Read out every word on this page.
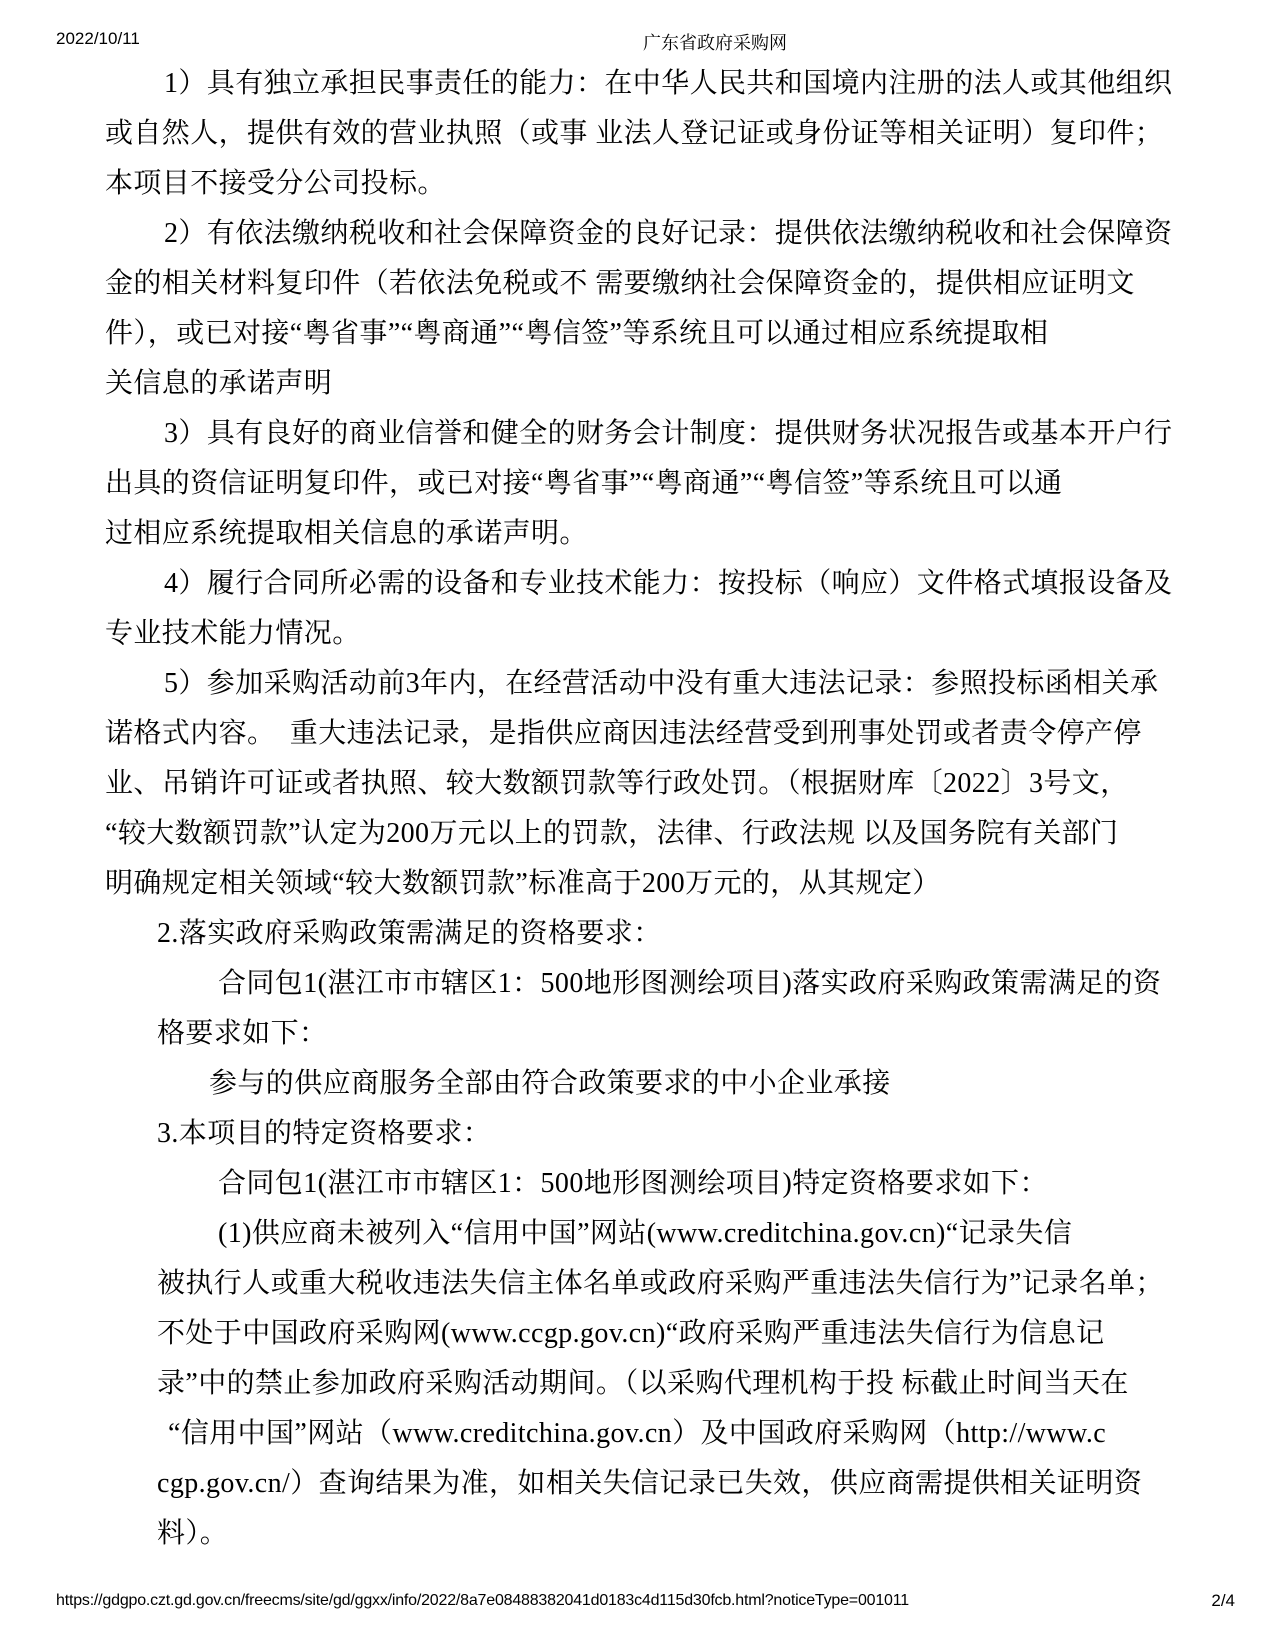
2022/10/11	广东省政府采购网
1）具有独立承担民事责任的能力：在中华人民共和国境内注册的法人或其他组织
或自然人，提供有效的营业执照（或事 业法人登记证或身份证等相关证明）复印件；
本项目不接受分公司投标。
2）有依法缴纳税收和社会保障资金的良好记录：提供依法缴纳税收和社会保障资
金的相关材料复印件（若依法免税或不 需要缴纳社会保障资金的，提供相应证明文
件），或已对接“粤省事”“粤商通”“粤信签”等系统且可以通过相应系统提取相
关信息的承诺声明
3）具有良好的商业信誉和健全的财务会计制度：提供财务状况报告或基本开户行
出具的资信证明复印件，或已对接“粤省事”“粤商通”“粤信签”等系统且可以通
过相应系统提取相关信息的承诺声明。
4）履行合同所必需的设备和专业技术能力：按投标（响应）文件格式填报设备及
专业技术能力情况。
5）参加采购活动前3年内，在经营活动中没有重大违法记录：参照投标函相关承
诺格式内容。　重大违法记录，是指供应商因违法经营受到刑事处罚或者责令停产停
业、吊销许可证或者执照、较大数额罚款等行政处罚。（根据财库〔2022〕3号文，
“较大数额罚款”认定为200万元以上的罚款，法律、行政法规 以及国务院有关部门
明确规定相关领域“较大数额罚款”标准高于200万元的，从其规定）
2.落实政府采购政策需满足的资格要求：
合同包1(湛江市市辖区1：500地形图测绘项目)落实政府采购政策需满足的资
格要求如下：
参与的供应商服务全部由符合政策要求的中小企业承接
3.本项目的特定资格要求：
合同包1(湛江市市辖区1：500地形图测绘项目)特定资格要求如下：
(1)供应商未被列入“信用中国”网站(www.creditchina.gov.cn)“记录失信
被执行人或重大税收违法失信主体名单或政府采购严重违法失信行为”记录名单；
不处于中国政府采购网(www.ccgp.gov.cn)“政府采购严重违法失信行为信息记
录”中的禁止参加政府采购活动期间。（以采购代理机构于投 标截止时间当天在
“信用中国”网站（www.creditchina.gov.cn）及中国政府采购网（http://www.c
cgp.gov.cn/）查询结果为准，如相关失信记录已失效，供应商需提供相关证明资
料）。
https://gdgpo.czt.gd.gov.cn/freecms/site/gd/ggxx/info/2022/8a7e08488382041d0183c4d115d30fcb.html?noticeType=001011	2/4
